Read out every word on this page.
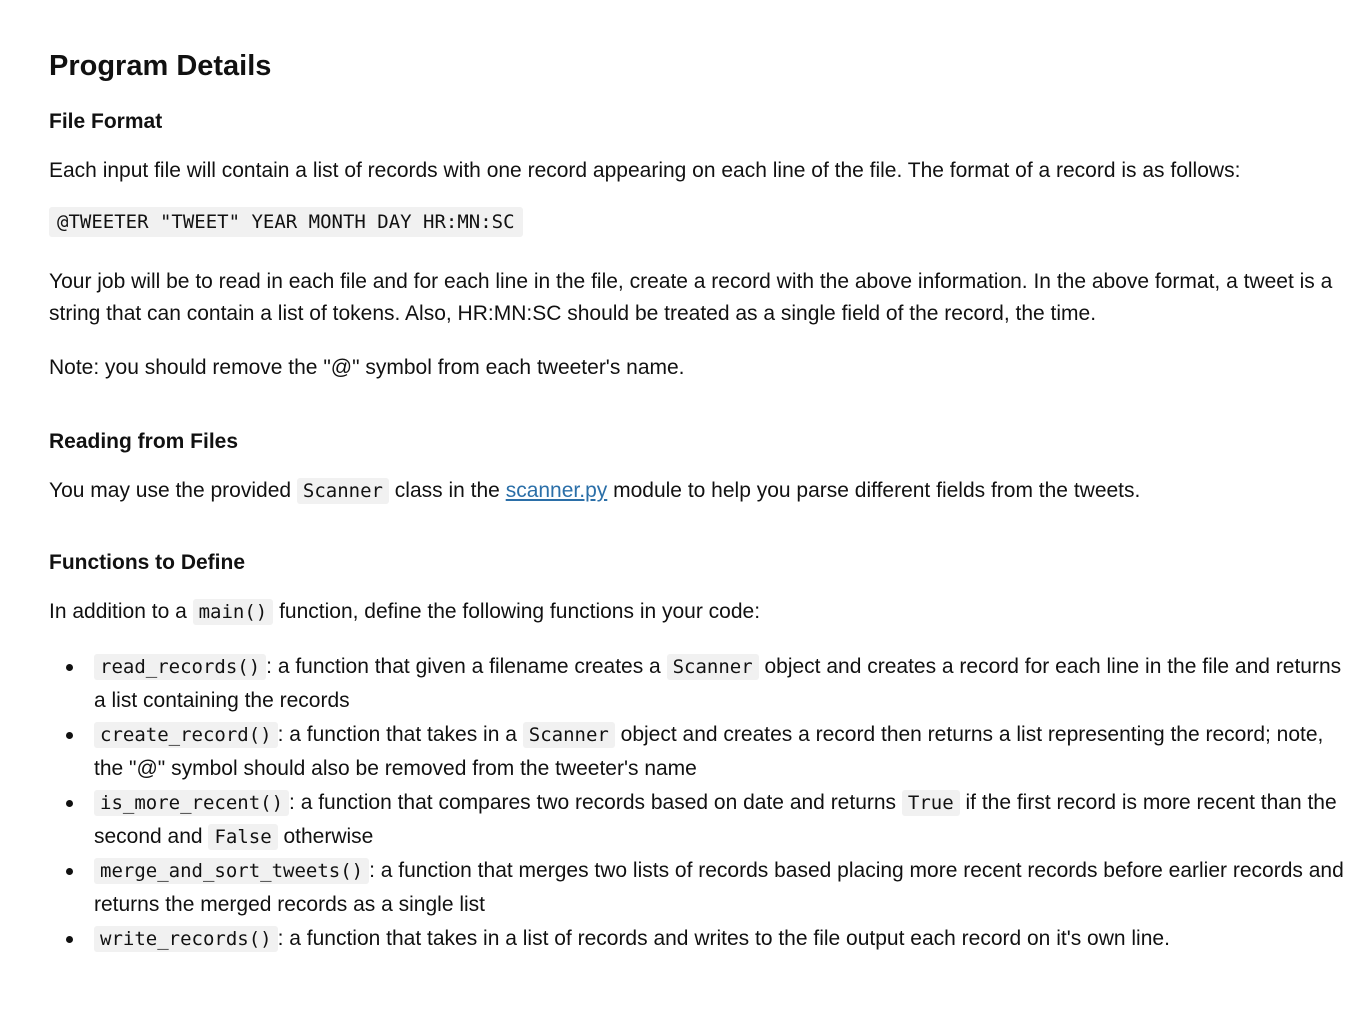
Program Details
File Format

Each input file will contain a list of records with one record appearing on each line of the file. The format of a record is as follows:

@TWEETER "TWEET" YEAR MONTH DAY HR:MN:SC

Your job will be to read in each file and for each line in the file, create a record with the above information. In the above format, a tweet is a string that can contain a list of tokens. Also, HR:MN:SC should be treated as a single field of the record, the time.

Note: you should remove the "@" symbol from each tweeter's name.

Reading from Files

You may use the provided Scanner class in the scanner.py module to help you parse different fields from the tweets.

Functions to Define

In addition to a main() function, define the following functions in your code:

read_records() : a function that given a filename creates a Scanner object and creates a record for each line in the file and returns a list containing the records
create_record() : a function that takes in a Scanner object and creates a record then returns a list representing the record; note, the "@" symbol should also be removed from the tweeter's name
is_more_recent() : a function that compares two records based on date and returns True if the first record is more recent than the second and False otherwise
merge_and_sort_tweets() : a function that merges two lists of records based placing more recent records before earlier records and returns the merged records as a single list
write_records() : a function that takes in a list of records and writes to the file output each record on it's own line.
